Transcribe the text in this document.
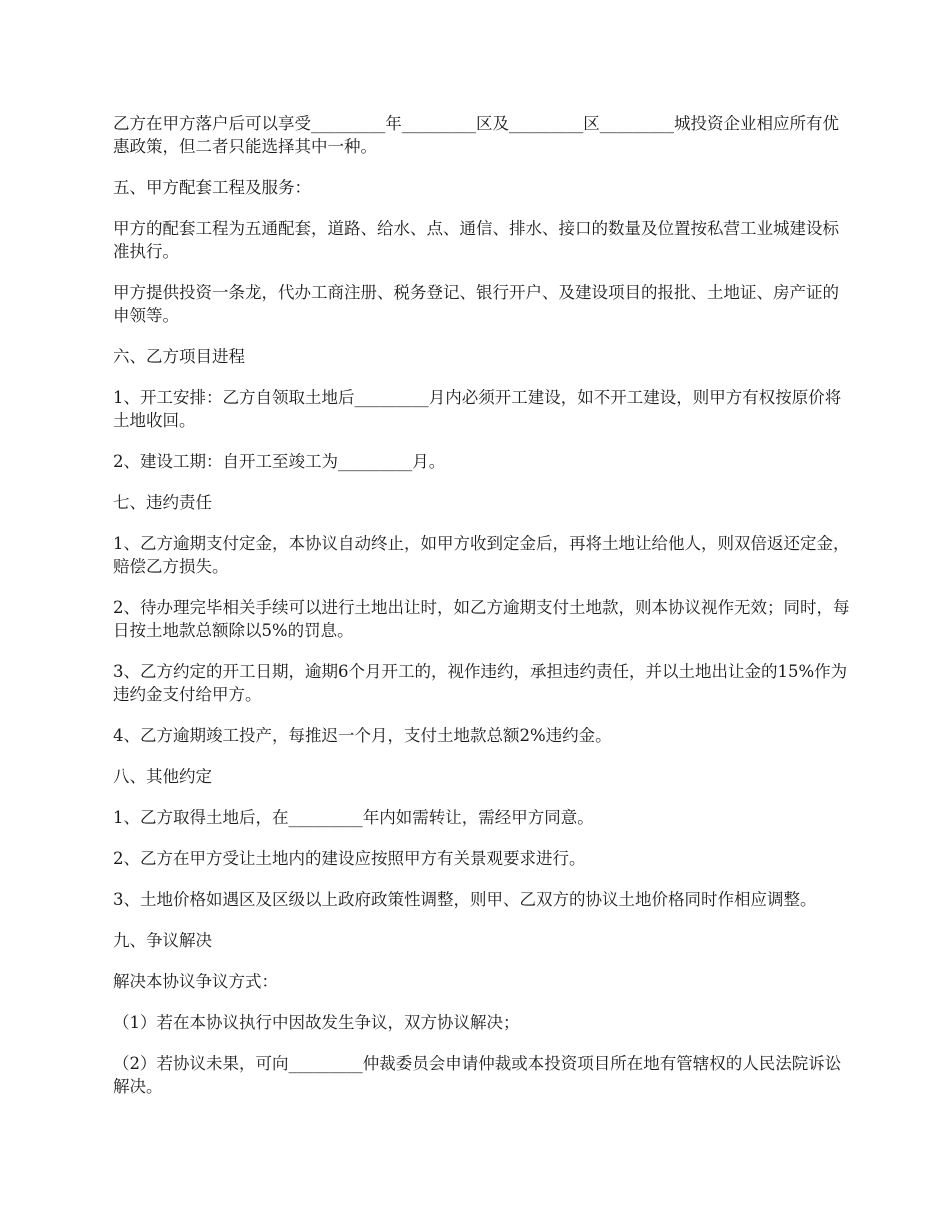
乙方在甲方落户后可以享受_________年_________区及_________区_________城投资企业相应所有优惠政策，但二者只能选择其中一种。

五、甲方配套工程及服务：

甲方的配套工程为五通配套，道路、给水、点、通信、排水、接口的数量及位置按私营工业城建设标准执行。

甲方提供投资一条龙，代办工商注册、税务登记、银行开户、及建设项目的报批、土地证、房产证的申领等。

六、乙方项目进程

1、开工安排：乙方自领取土地后_________月内必须开工建设，如不开工建设，则甲方有权按原价将土地收回。

2、建设工期：自开工至竣工为_________月。

七、违约责任

1、乙方逾期支付定金，本协议自动终止，如甲方收到定金后，再将土地让给他人，则双倍返还定金，赔偿乙方损失。

2、待办理完毕相关手续可以进行土地出让时，如乙方逾期支付土地款，则本协议视作无效；同时，每日按土地款总额除以5%的罚息。

3、乙方约定的开工日期，逾期6个月开工的，视作违约，承担违约责任，并以土地出让金的15%作为违约金支付给甲方。

4、乙方逾期竣工投产，每推迟一个月，支付土地款总额2%违约金。

八、其他约定

1、乙方取得土地后，在_________年内如需转让，需经甲方同意。

2、乙方在甲方受让土地内的建设应按照甲方有关景观要求进行。

3、土地价格如遇区及区级以上政府政策性调整，则甲、乙双方的协议土地价格同时作相应调整。

九、争议解决

解决本协议争议方式：

（1）若在本协议执行中因故发生争议，双方协议解决；

（2）若协议未果，可向_________仲裁委员会申请仲裁或本投资项目所在地有管辖权的人民法院诉讼解决。
